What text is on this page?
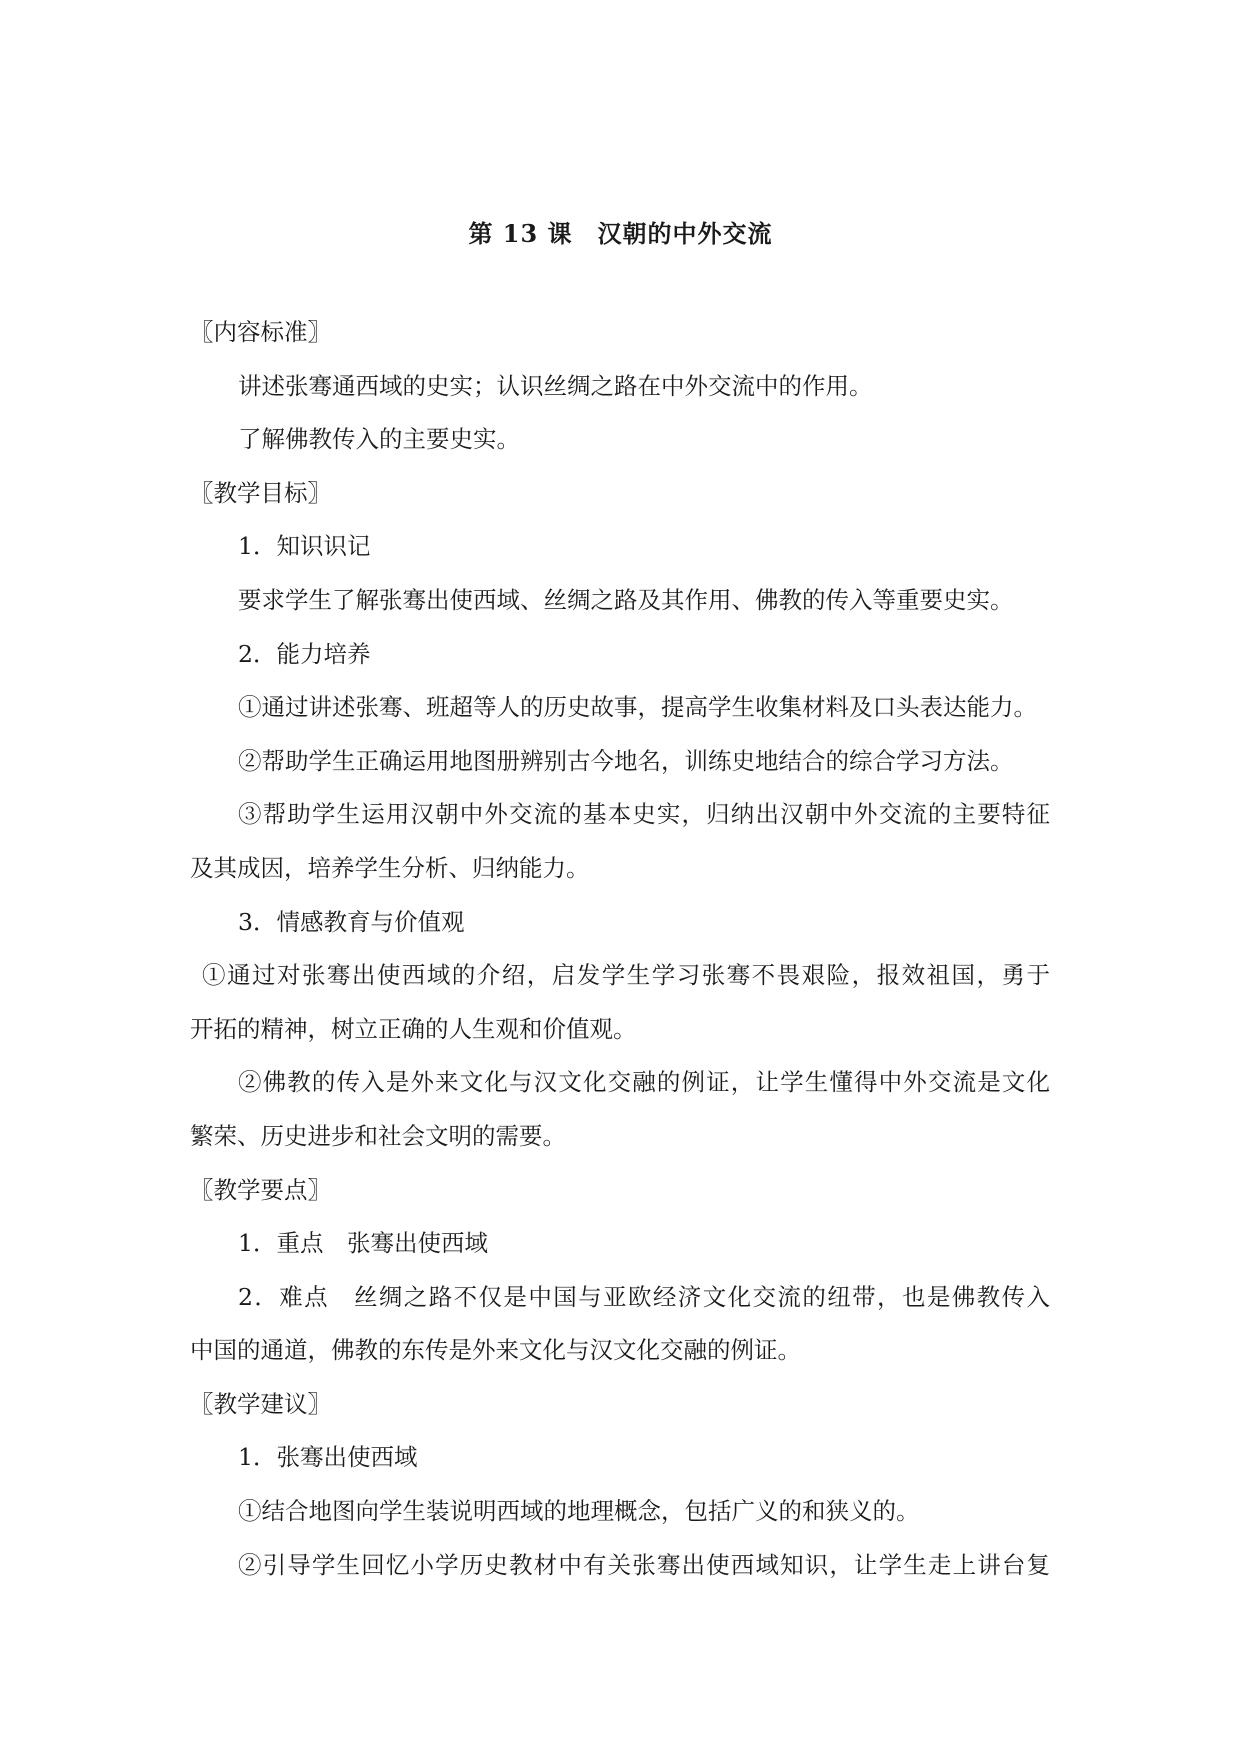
第 13 课　汉朝的中外交流
〖内容标准〗
讲述张骞通西域的史实；认识丝绸之路在中外交流中的作用。
了解佛教传入的主要史实。
〖教学目标〗
1．知识识记
要求学生了解张骞出使西域、丝绸之路及其作用、佛教的传入等重要史实。
2．能力培养
①通过讲述张骞、班超等人的历史故事，提高学生收集材料及口头表达能力。
②帮助学生正确运用地图册辨别古今地名，训练史地结合的综合学习方法。
③帮助学生运用汉朝中外交流的基本史实，归纳出汉朝中外交流的主要特征
及其成因，培养学生分析、归纳能力。
3．情感教育与价值观
①通过对张骞出使西域的介绍，启发学生学习张骞不畏艰险，报效祖国，勇于
开拓的精神，树立正确的人生观和价值观。
②佛教的传入是外来文化与汉文化交融的例证，让学生懂得中外交流是文化
繁荣、历史进步和社会文明的需要。
〖教学要点〗
1．重点　张骞出使西域
2．难点　丝绸之路不仅是中国与亚欧经济文化交流的纽带，也是佛教传入
中国的通道，佛教的东传是外来文化与汉文化交融的例证。
〖教学建议〗
1．张骞出使西域
①结合地图向学生装说明西域的地理概念，包括广义的和狭义的。
②引导学生回忆小学历史教材中有关张骞出使西域知识，让学生走上讲台复
